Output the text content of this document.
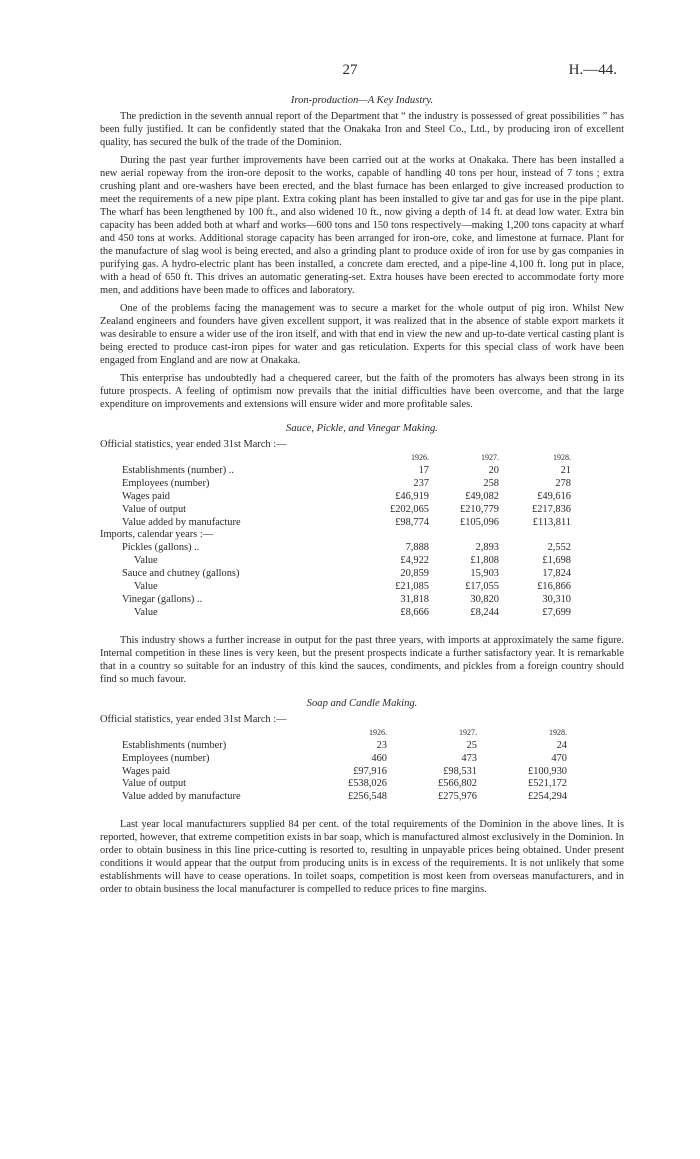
27	H.—44.
Iron-production—A Key Industry.

The prediction in the seventh annual report of the Department that “ the industry is possessed of great possibilities ” has been fully justified. It can be confidently stated that the Onakaka Iron and Steel Co., Ltd., by producing iron of excellent quality, has secured the bulk of the trade of the Dominion.

During the past year further improvements have been carried out at the works at Onakaka. There has been installed a new aerial ropeway from the iron-ore deposit to the works, capable of handling 40 tons per hour, instead of 7 tons ; extra crushing plant and ore-washers have been erected, and the blast furnace has been enlarged to give increased production to meet the requirements of a new pipe plant. Extra coking plant has been installed to give tar and gas for use in the pipe plant. The wharf has been lengthened by 100 ft., and also widened 10 ft., now giving a depth of 14 ft. at dead low water. Extra bin capacity has been added both at wharf and works—600 tons and 150 tons respectively—making 1,200 tons capacity at wharf and 450 tons at works. Additional storage capacity has been arranged for iron-ore, coke, and limestone at furnace. Plant for the manufacture of slag wool is being erected, and also a grinding plant to produce oxide of iron for use by gas companies in purifying gas. A hydro-electric plant has been installed, a concrete dam erected, and a pipe-line 4,100 ft. long put in place, with a head of 650 ft. This drives an automatic generating-set. Extra houses have been erected to accommodate forty more men, and additions have been made to offices and laboratory.

One of the problems facing the management was to secure a market for the whole output of pig iron. Whilst New Zealand engineers and founders have given excellent support, it was realized that in the absence of stable export markets it was desirable to ensure a wider use of the iron itself, and with that end in view the new and up-to-date vertical casting plant is being erected to produce cast-iron pipes for water and gas reticulation. Experts for this special class of work have been engaged from England and are now at Onakaka.

This enterprise has undoubtedly had a chequered career, but the faith of the promoters has always been strong in its future prospects. A feeling of optimism now prevails that the initial difficulties have been overcome, and that the large expenditure on improvements and extensions will ensure wider and more profitable sales.

Sauce, Pickle, and Vinegar Making.
Official statistics, year ended 31st March :—
	1926.	1927.	1928.
Establishments (number) ..	17	20	21
Employees (number)	237	258	278
Wages paid	£46,919	£49,082	£49,616
Value of output	£202,065	£210,779	£217,836
Value added by manufacture	£98,774	£105,096	£113,811
Imports, calendar years :—			
Pickles (gallons) ..	7,888	2,893	2,552
Value	£4,922	£1,808	£1,698
Sauce and chutney (gallons)	20,859	15,903	17,824
Value	£21,085	£17,055	£16,866
Vinegar (gallons) ..	31,818	30,820	30,310
Value	£8,666	£8,244	£7,699

This industry shows a further increase in output for the past three years, with imports at approximately the same figure. Internal competition in these lines is very keen, but the present prospects indicate a further satisfactory year. It is remarkable that in a country so suitable for an industry of this kind the sauces, condiments, and pickles from a foreign country should find so much favour.

Soap and Candle Making.
Official statistics, year ended 31st March :—
	1926.	1927.	1928.
Establishments (number)	23	25	24
Employees (number)	460	473	470
Wages paid	£97,916	£98,531	£100,930
Value of output	£538,026	£566,802	£521,172
Value added by manufacture	£256,548	£275,976	£254,294

Last year local manufacturers supplied 84 per cent. of the total requirements of the Dominion in the above lines. It is reported, however, that extreme competition exists in bar soap, which is manufactured almost exclusively in the Dominion. In order to obtain business in this line price-cutting is resorted to, resulting in unpayable prices being obtained. Under present conditions it would appear that the output from producing units is in excess of the requirements. It is not unlikely that some establishments will have to cease operations. In toilet soaps, competition is most keen from overseas manufacturers, and in order to obtain business the local manufacturer is compelled to reduce prices to fine margins.
